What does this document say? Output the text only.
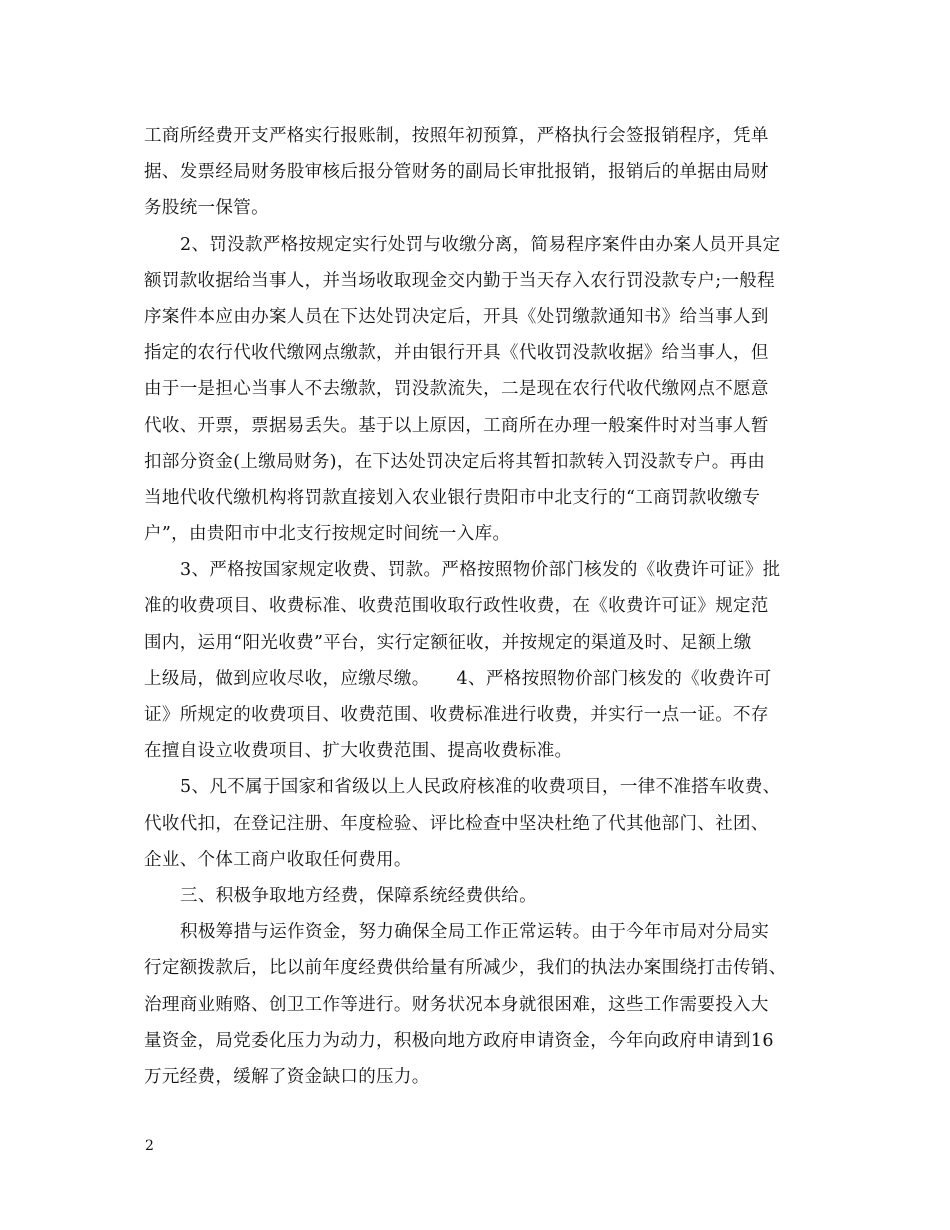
工商所经费开支严格实行报账制，按照年初预算，严格执行会签报销程序，凭单
据、发票经局财务股审核后报分管财务的副局长审批报销，报销后的单据由局财
务股统一保管。
2、罚没款严格按规定实行处罚与收缴分离，简易程序案件由办案人员开具定
额罚款收据给当事人，并当场收取现金交内勤于当天存入农行罚没款专户;一般程
序案件本应由办案人员在下达处罚决定后，开具《处罚缴款通知书》给当事人到
指定的农行代收代缴网点缴款，并由银行开具《代收罚没款收据》给当事人，但
由于一是担心当事人不去缴款，罚没款流失，二是现在农行代收代缴网点不愿意
代收、开票，票据易丢失。基于以上原因，工商所在办理一般案件时对当事人暂
扣部分资金(上缴局财务)，在下达处罚决定后将其暂扣款转入罚没款专户。再由
当地代收代缴机构将罚款直接划入农业银行贵阳市中北支行的“工商罚款收缴专
户”，由贵阳市中北支行按规定时间统一入库。
3、严格按国家规定收费、罚款。严格按照物价部门核发的《收费许可证》批
准的收费项目、收费标准、收费范围收取行政性收费，在《收费许可证》规定范
围内，运用“阳光收费”平台，实行定额征收，并按规定的渠道及时、足额上缴
上级局，做到应收尽收，应缴尽缴。　　4、严格按照物价部门核发的《收费许可
证》所规定的收费项目、收费范围、收费标准进行收费，并实行一点一证。不存
在擅自设立收费项目、扩大收费范围、提高收费标准。
5、凡不属于国家和省级以上人民政府核准的收费项目，一律不准搭车收费、
代收代扣，在登记注册、年度检验、评比检查中坚决杜绝了代其他部门、社团、
企业、个体工商户收取任何费用。
三、积极争取地方经费，保障系统经费供给。
积极筹措与运作资金，努力确保全局工作正常运转。由于今年市局对分局实
行定额拨款后，比以前年度经费供给量有所减少，我们的执法办案围绕打击传销、
治理商业贿赂、创卫工作等进行。财务状况本身就很困难，这些工作需要投入大
量资金，局党委化压力为动力，积极向地方政府申请资金，今年向政府申请到16
万元经费，缓解了资金缺口的压力。
2
